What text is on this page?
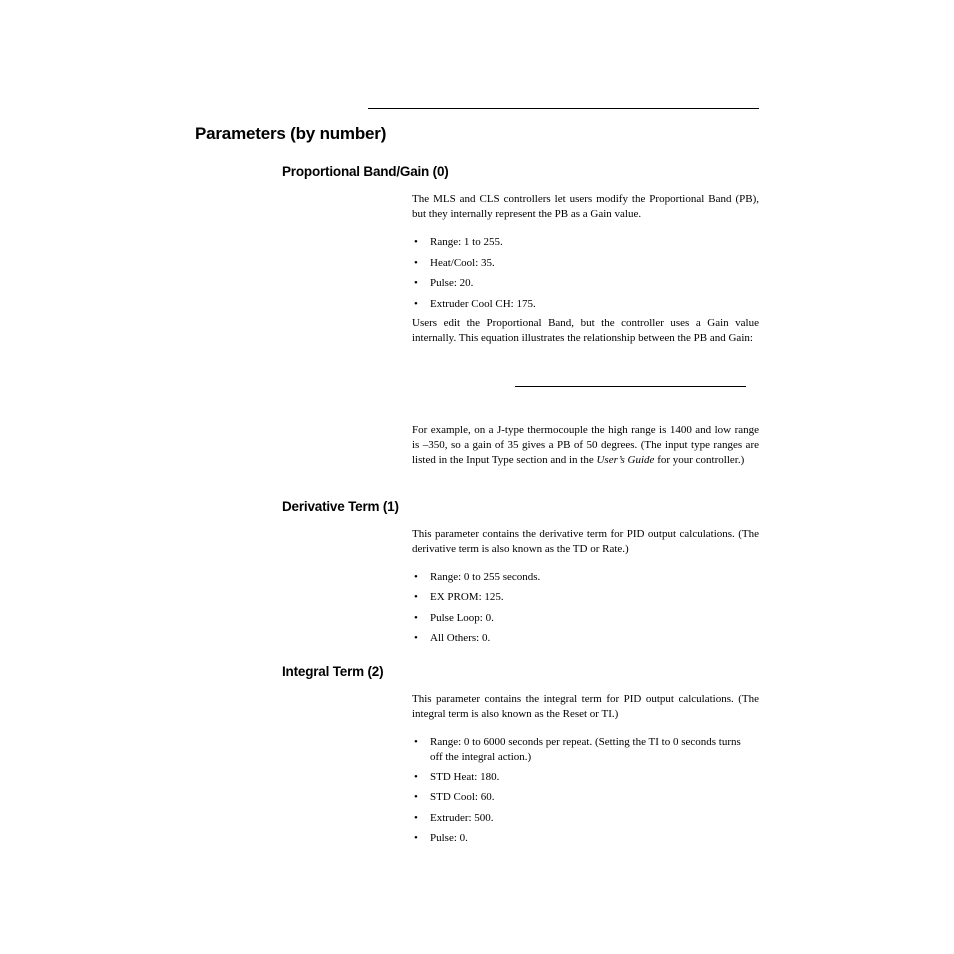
Parameters (by number)
Proportional Band/Gain (0)
The MLS and CLS controllers let users modify the Proportional Band (PB), but they internally represent the PB as a Gain value.
• Range: 1 to 255.
• Heat/Cool: 35.
• Pulse: 20.
• Extruder Cool CH: 175.
Users edit the Proportional Band, but the controller uses a Gain value internally. This equation illustrates the relationship between the PB and Gain:
For example, on a J-type thermocouple the high range is 1400 and low range is –350, so a gain of 35 gives a PB of 50 degrees. (The input type ranges are listed in the Input Type section and in the User’s Guide for your controller.)
Derivative Term (1)
This parameter contains the derivative term for PID output calculations. (The derivative term is also known as the TD or Rate.)
• Range: 0 to 255 seconds.
• EX PROM: 125.
• Pulse Loop: 0.
• All Others: 0.
Integral Term (2)
This parameter contains the integral term for PID output calculations. (The integral term is also known as the Reset or TI.)
• Range: 0 to 6000 seconds per repeat. (Setting the TI to 0 seconds turns off the integral action.)
• STD Heat: 180.
• STD Cool: 60.
• Extruder: 500.
• Pulse: 0.
